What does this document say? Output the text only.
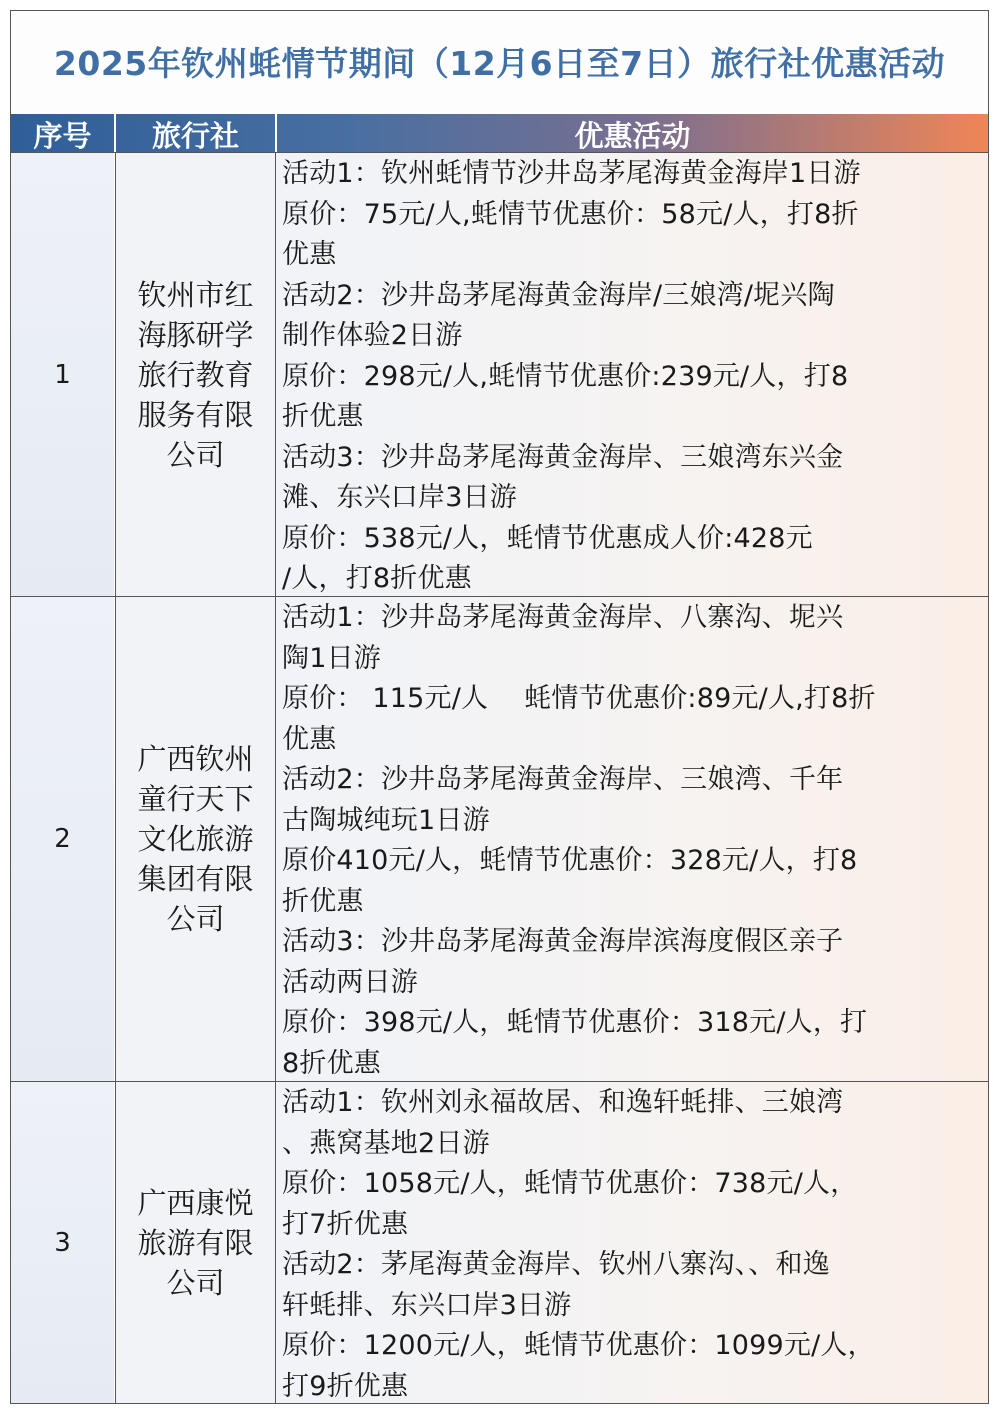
2025年钦州蚝情节期间（12月6日至7日）旅行社优惠活动
序号	旅行社	优惠活动
1
钦州市红海豚研学旅行教育服务有限公司
活动1：钦州蚝情节沙井岛茅尾海黄金海岸1日游
原价：75元/人,蚝情节优惠价：58元/人，打8折
优惠
活动2：沙井岛茅尾海黄金海岸/三娘湾/坭兴陶
制作体验2日游
原价：298元/人,蚝情节优惠价:239元/人，打8
折优惠
活动3：沙井岛茅尾海黄金海岸、三娘湾东兴金
滩、东兴口岸3日游
原价：538元/人，蚝情节优惠成人价:428元
/人，打8折优惠
2
广西钦州童行天下文化旅游集团有限公司
活动1：沙井岛茅尾海黄金海岸、八寨沟、坭兴
陶1日游
原价： 115元/人　 蚝情节优惠价:89元/人,打8折
优惠
活动2：沙井岛茅尾海黄金海岸、三娘湾、千年
古陶城纯玩1日游
原价410元/人，蚝情节优惠价：328元/人，打8
折优惠
活动3：沙井岛茅尾海黄金海岸滨海度假区亲子
活动两日游
原价：398元/人，蚝情节优惠价：318元/人，打
8折优惠
3
广西康悦旅游有限公司
活动1：钦州刘永福故居、和逸轩蚝排、三娘湾
、燕窝基地2日游
原价：1058元/人，蚝情节优惠价：738元/人，
打7折优惠
活动2：茅尾海黄金海岸、钦州八寨沟、、和逸
轩蚝排、东兴口岸3日游
原价：1200元/人，蚝情节优惠价：1099元/人，
打9折优惠
